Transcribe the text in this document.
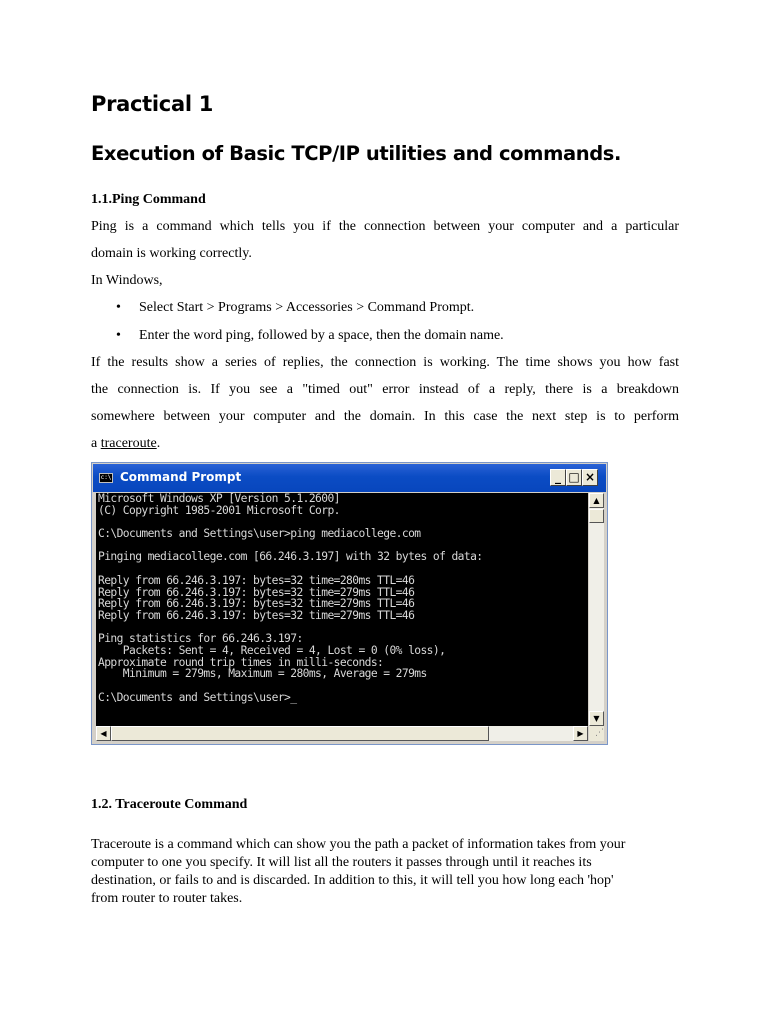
Practical 1
Execution of Basic TCP/IP utilities and commands.

1.1.Ping Command

Ping is a command which tells you if the connection between your computer and a particular
domain is working correctly.

In Windows,

• Select Start > Programs > Accessories > Command Prompt.
• Enter the word ping, followed by a space, then the domain name.
If the results show a series of replies, the connection is working. The time shows you how fast
the connection is. If you see a "timed out" error instead of a reply, there is a breakdown
somewhere between your computer and the domain. In this case the next step is to perform
a traceroute.
c:\ Command Prompt	_ □ ×
Microsoft Windows XP [Version 5.1.2600]
(C) Copyright 1985-2001 Microsoft Corp.
C:\Documents and Settings\user>ping mediacollege.com
Pinging mediacollege.com [66.246.3.197] with 32 bytes of data:
Reply from 66.246.3.197: bytes=32 time=280ms TTL=46
Reply from 66.246.3.197: bytes=32 time=279ms TTL=46
Reply from 66.246.3.197: bytes=32 time=279ms TTL=46
Reply from 66.246.3.197: bytes=32 time=279ms TTL=46
Ping statistics for 66.246.3.197:
Packets: Sent = 4, Received = 4, Lost = 0 (0% loss),
Approximate round trip times in milli-seconds:
Minimum = 279ms, Maximum = 280ms, Average = 279ms
C:\Documents and Settings\user>_
▲
▼
◀	▶	⋰

1.2. Traceroute Command

Traceroute is a command which can show you the path a packet of information takes from your
computer to one you specify. It will list all the routers it passes through until it reaches its
destination, or fails to and is discarded. In addition to this, it will tell you how long each 'hop'
from router to router takes.
